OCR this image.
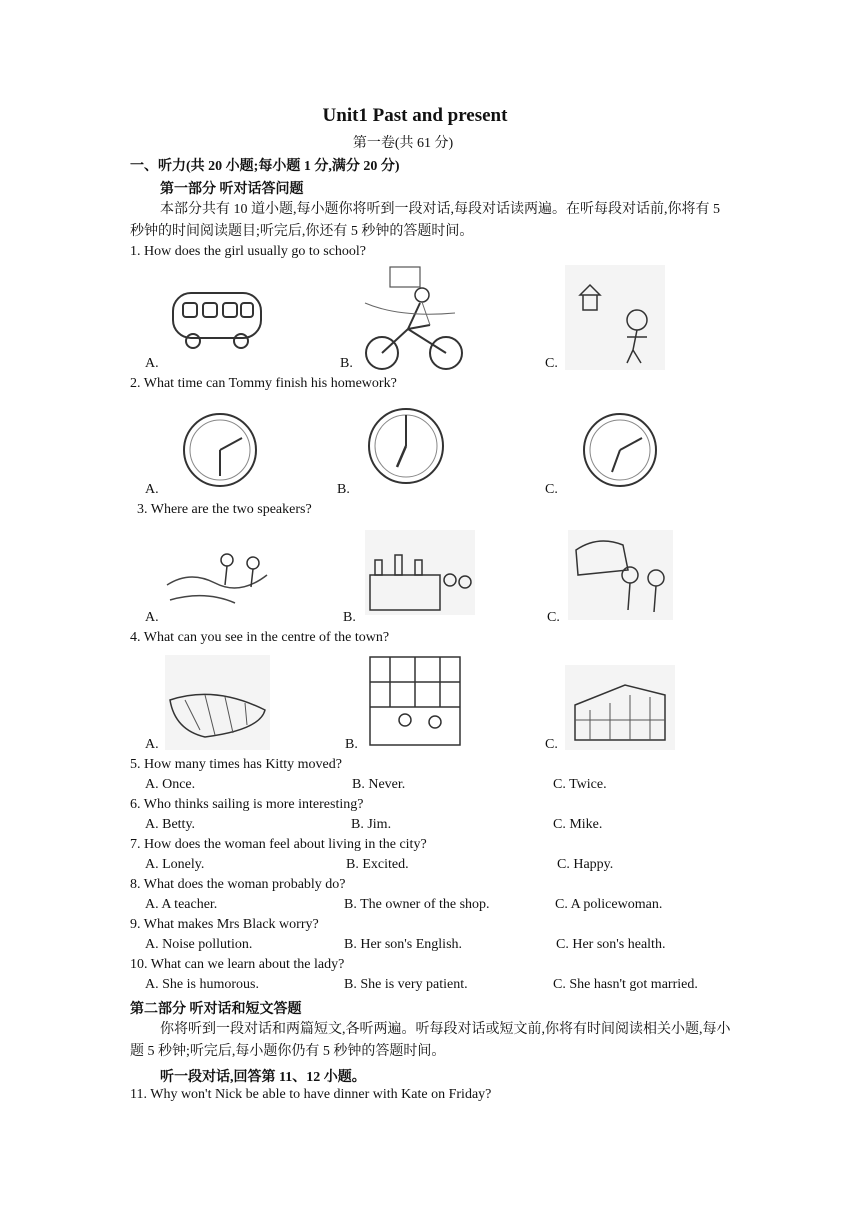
Unit1 Past and present
第一卷(共 61 分)
一、听力(共 20 小题;每小题 1 分,满分 20 分)
第一部分 听对话答问题
本部分共有 10 道小题,每小题你将听到一段对话,每段对话读两遍。在听每段对话前,你将有 5 秒钟的时间阅读题目;听完后,你还有 5 秒钟的答题时间。
1. How does the girl usually go to school?
A.	B.	C.
2. What time can Tommy finish his homework?
A.	B.	C.
3. Where are the two speakers?
A.	B.	C.
4. What can you see in the centre of the town?
A.	B.	C.
5. How many times has Kitty moved?
A. Once.	B. Never.	C. Twice.
6. Who thinks sailing is more interesting?
A. Betty.	B. Jim.	C. Mike.
7. How does the woman feel about living in the city?
A. Lonely.	B. Excited.	C. Happy.
8. What does the woman probably do?
A. A teacher.	B. The owner of the shop.	C. A policewoman.
9. What makes Mrs Black worry?
A. Noise pollution.	B. Her son's English.	C. Her son's health.
10. What can we learn about the lady?
A. She is humorous.	B. She is very patient.	C. She hasn't got married.
第二部分 听对话和短文答题
你将听到一段对话和两篇短文,各听两遍。听每段对话或短文前,你将有时间阅读相关小题,每小题 5 秒钟;听完后,每小题你仍有 5 秒钟的答题时间。
听一段对话,回答第 11、12 小题。
11. Why won't Nick be able to have dinner with Kate on Friday?
